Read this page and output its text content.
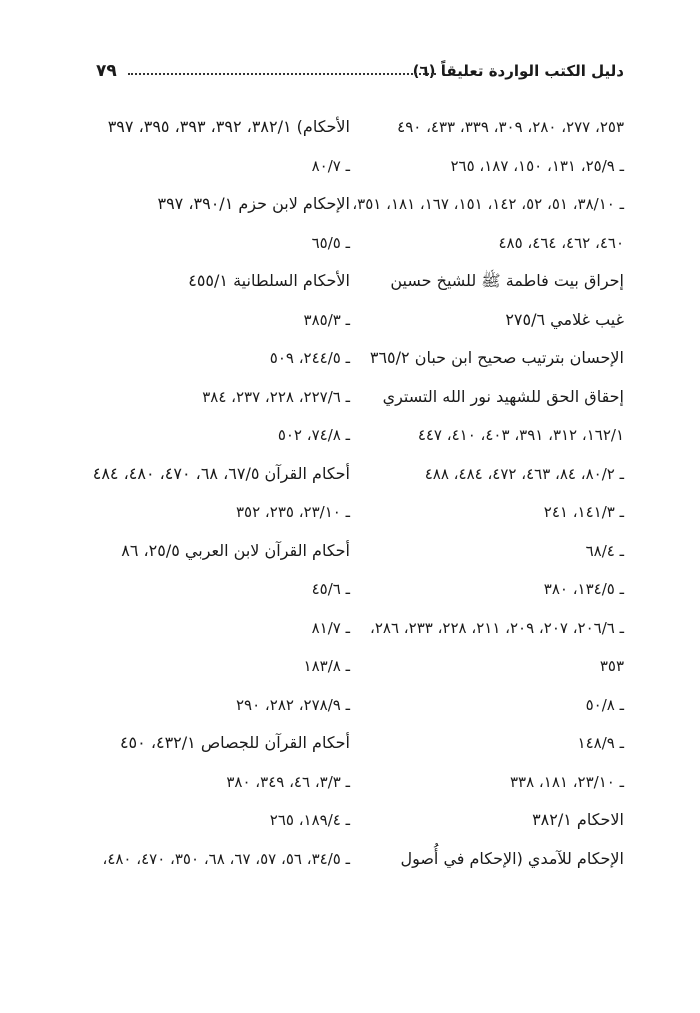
دليل الكتب الواردة تعليقاً (٦)
٧٩
٢٥٣، ٢٧٧، ٢٨٠، ٣٠٩، ٣٣٩، ٤٣٣، ٤٩٠
ـ ٢٥/٩، ١٣١، ١٥٠، ١٨٧، ٢٦٥
ـ ٣٨/١٠، ٥١، ٥٢، ١٤٢، ١٥١، ١٦٧، ١٨١، ٣٥١،
٤٦٠، ٤٦٢، ٤٦٤، ٤٨٥
إحراق بيت فاطمة ﷺ للشيخ حسين
غيب غلامي ٢٧٥/٦
الإحسان بترتيب صحيح ابن حبان ٣٦٥/٢
إحقاق الحق للشهيد نور الله التستري
١٦٢/١، ٣١٢، ٣٩١، ٤٠٣، ٤١٠، ٤٤٧
ـ ٨٠/٢، ٨٤، ٤٦٣، ٤٧٢، ٤٨٤، ٤٨٨
ـ ١٤١/٣، ٢٤١
ـ ٦٨/٤
ـ ١٣٤/٥، ٣٨٠
ـ ٢٠٦/٦، ٢٠٧، ٢٠٩، ٢١١، ٢٢٨، ٢٣٣، ٢٨٦،
٣٥٣
ـ ٥٠/٨
ـ ١٤٨/٩
ـ ٢٣/١٠، ١٨١، ٣٣٨
الاحكام ٣٨٢/١
الإحكام للآمدي (الإحكام في أُصول
الأحكام) ٣٨٢/١، ٣٩٢، ٣٩٣، ٣٩٥، ٣٩٧
ـ ٨٠/٧
الإحكام لابن حزم ٣٩٠/١، ٣٩٧
ـ ٦٥/٥
الأحكام السلطانية ٤٥٥/١
ـ ٣٨٥/٣
ـ ٢٤٤/٥، ٥٠٩
ـ ٢٢٧/٦، ٢٢٨، ٢٣٧، ٣٨٤
ـ ٧٤/٨، ٥٠٢
أحكام القرآن ٦٧/٥، ٦٨، ٤٧٠، ٤٨٠، ٤٨٤
ـ ٢٣/١٠، ٢٣٥، ٣٥٢
أحكام القرآن لابن العربي ٢٥/٥، ٨٦
ـ ٤٥/٦
ـ ٨١/٧
ـ ١٨٣/٨
ـ ٢٧٨/٩، ٢٨٢، ٢٩٠
أحكام القرآن للجصاص ٤٣٢/١، ٤٥٠
ـ ٣/٣، ٤٦، ٣٤٩، ٣٨٠
ـ ١٨٩/٤، ٢٦٥
ـ ٣٤/٥، ٥٦، ٥٧، ٦٧، ٦٨، ٣٥٠، ٤٧٠، ٤٨٠،
